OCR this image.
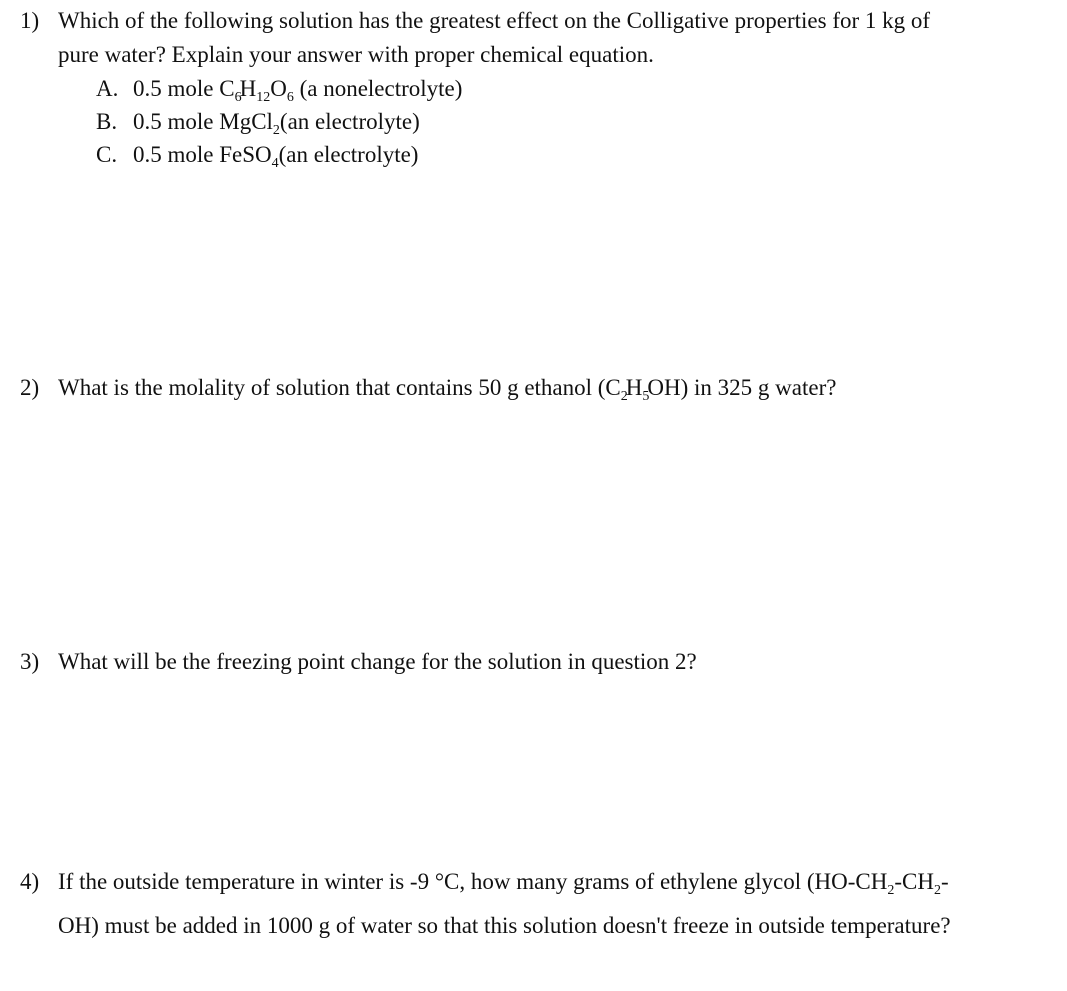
1) Which of the following solution has the greatest effect on the Colligative properties for 1 kg of
pure water? Explain your answer with proper chemical equation.
A. 0.5 mole $C_6H_{12}O_6$ (a nonelectrolyte)
B. 0.5 mole MgCl$_2$(an electrolyte)
C. 0.5 mole FeSO$_4$(an electrolyte)
2) What is the molality of solution that contains 50 g ethanol $(C_2H_5OH)$ in 325 g water?
3) What will be the freezing point change for the solution in question 2?
4) If the outside temperature in winter is -9 °C, how many grams of ethylene glycol ($HO-CH_2-CH_2-$
OH) must be added in 1000 g of water so that this solution doesn't freeze in outside temperature?
